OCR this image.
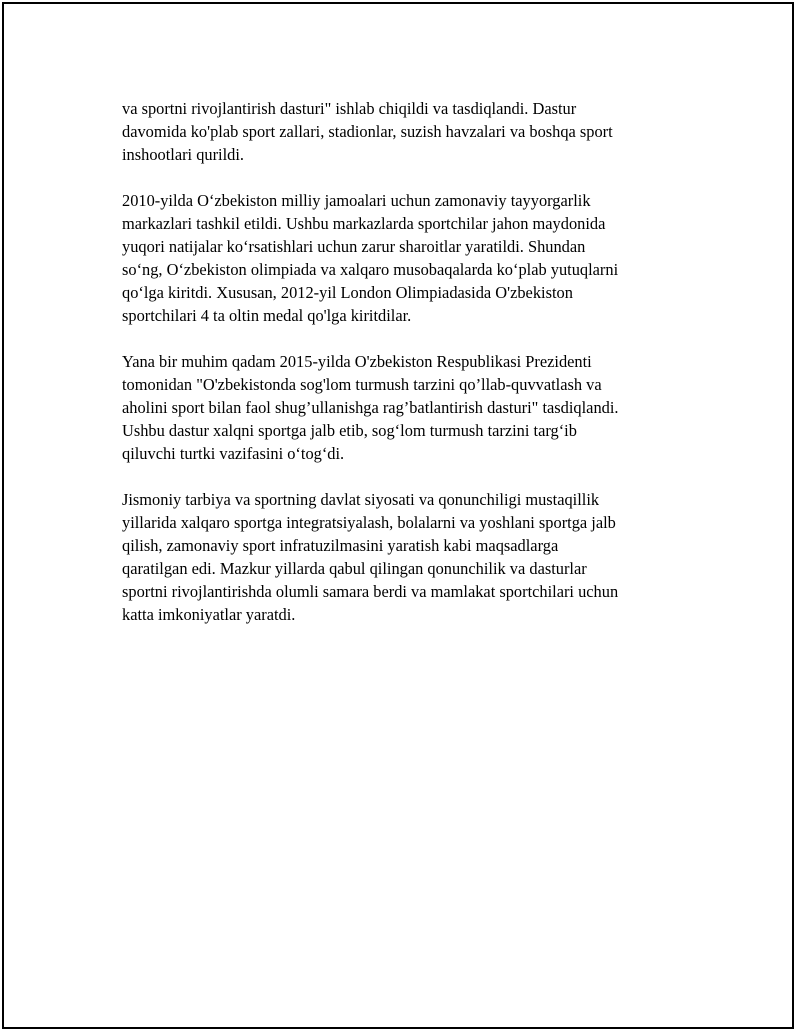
va sportni rivojlantirish dasturi" ishlab chiqildi va tasdiqlandi. Dastur
davomida ko'plab sport zallari, stadionlar, suzish havzalari va boshqa sport
inshootlari qurildi.

2010-yilda O‘zbekiston milliy jamoalari uchun zamonaviy tayyorgarlik
markazlari tashkil etildi. Ushbu markazlarda sportchilar jahon maydonida
yuqori natijalar ko‘rsatishlari uchun zarur sharoitlar yaratildi. Shundan
so‘ng, O‘zbekiston olimpiada va xalqaro musobaqalarda ko‘plab yutuqlarni
qo‘lga kiritdi. Xususan, 2012-yil London Olimpiadasida O'zbekiston
sportchilari 4 ta oltin medal qo'lga kiritdilar.

Yana bir muhim qadam 2015-yilda O'zbekiston Respublikasi Prezidenti
tomonidan "O'zbekistonda sog'lom turmush tarzini qo’llab-quvvatlash va
aholini sport bilan faol shug’ullanishga rag’batlantirish dasturi" tasdiqlandi.
Ushbu dastur xalqni sportga jalb etib, sog‘lom turmush tarzini targ‘ib
qiluvchi turtki vazifasini o‘tog‘di.

Jismoniy tarbiya va sportning davlat siyosati va qonunchiligi mustaqillik
yillarida xalqaro sportga integratsiyalash, bolalarni va yoshlani sportga jalb
qilish, zamonaviy sport infratuzilmasini yaratish kabi maqsadlarga
qaratilgan edi. Mazkur yillarda qabul qilingan qonunchilik va dasturlar
sportni rivojlantirishda olumli samara berdi va mamlakat sportchilari uchun
katta imkoniyatlar yaratdi.
